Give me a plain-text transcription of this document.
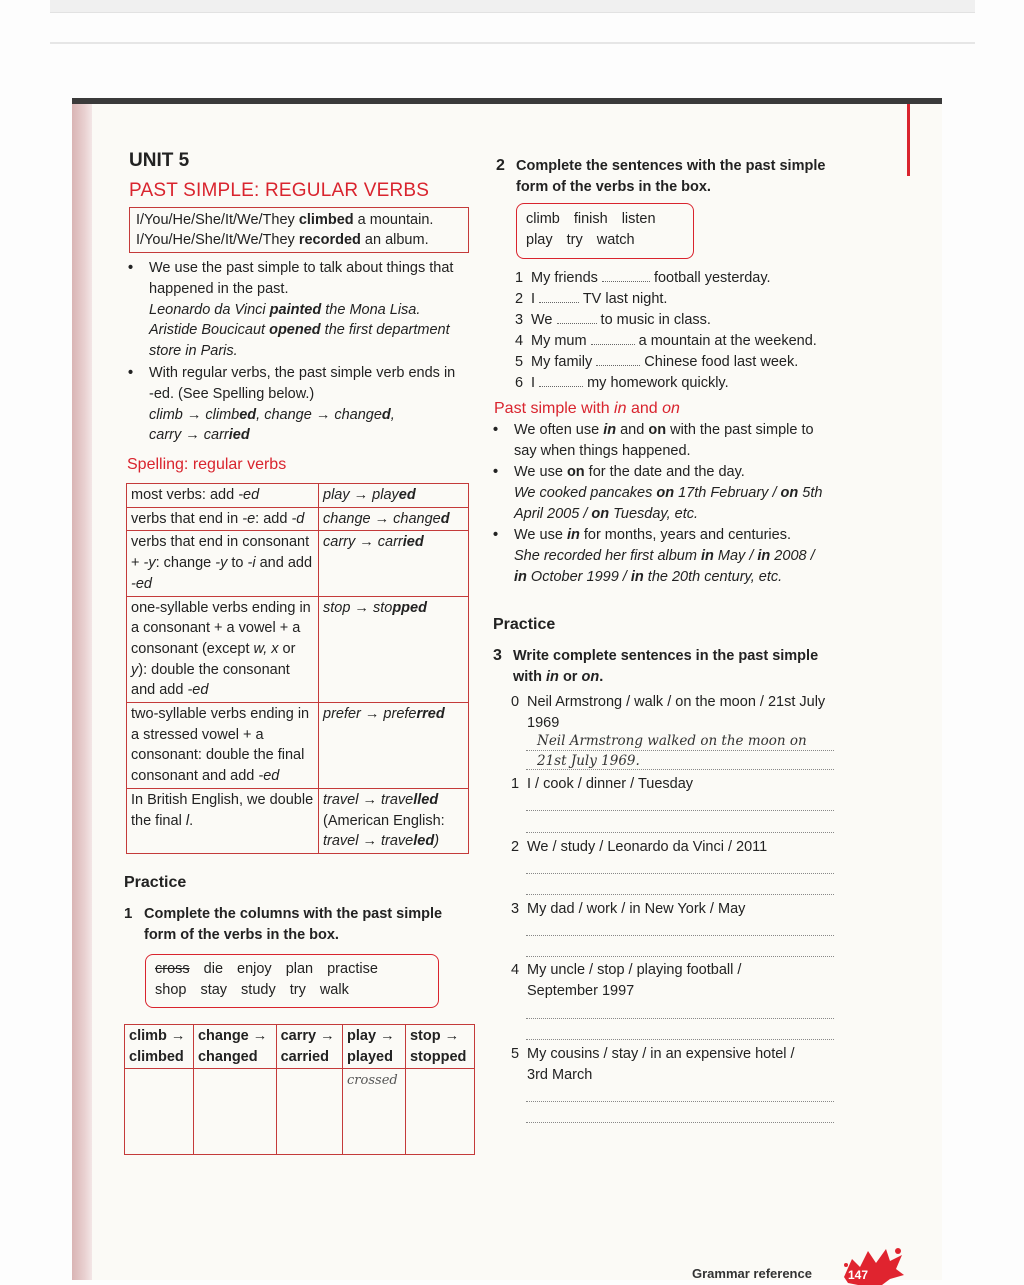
UNIT 5
PAST SIMPLE: REGULAR VERBS
I/You/He/She/It/We/They climbed a mountain.
I/You/He/She/It/We/They recorded an album.
• We use the past simple to talk about things that
happened in the past.
Leonardo da Vinci painted the Mona Lisa.
Aristide Boucicaut opened the first department
store in Paris.
• With regular verbs, the past simple verb ends in
-ed. (See Spelling below.)
climb → climbed, change → changed,
carry → carried
Spelling: regular verbs
most verbs: add -ed	play → played
verbs that end in -e: add -d	change → changed
verbs that end in consonant + -y: change -y to -i and add -ed	carry → carried
one-syllable verbs ending in a consonant + a vowel + a consonant (except w, x or y): double the consonant and add -ed	stop → stopped
two-syllable verbs ending in a stressed vowel + a consonant: double the final consonant and add -ed	prefer → preferred
In British English, we double the final l.	travel → travelled
(American English:
travel → traveled)
Practice
1 Complete the columns with the past simple
form of the verbs in the box.
cross die enjoy plan practise
shop stay study try walk
climb →
climbed	change →
changed	carry →
carried	play →
played	stop →
stopped
			crossed	
2 Complete the sentences with the past simple
form of the verbs in the box.
climb finish listen
play try watch
1 My friends	football yesterday.
2 I	TV last night.
3 We	to music in class.
4 My mum	a mountain at the weekend.
5 My family	Chinese food last week.
6 I	my homework quickly.
Past simple with in and on
• We often use in and on with the past simple to
say when things happened.
• We use on for the date and the day.
We cooked pancakes on 17th February / on 5th
April 2005 / on Tuesday, etc.
• We use in for months, years and centuries.
She recorded her first album in May / in 2008 /
in October 1999 / in the 20th century, etc.
Practice
3 Write complete sentences in the past simple
with in or on.
0 Neil Armstrong / walk / on the moon / 21st July
1969
1 I / cook / dinner / Tuesday
2 We / study / Leonardo da Vinci / 2011
3 My dad / work / in New York / May
4 My uncle / stop / playing football /
September 1997
5 My cousins / stay / in an expensive hotel /
3rd March
Neil Armstrong walked on the moon on
21st July 1969.
Grammar reference	147
